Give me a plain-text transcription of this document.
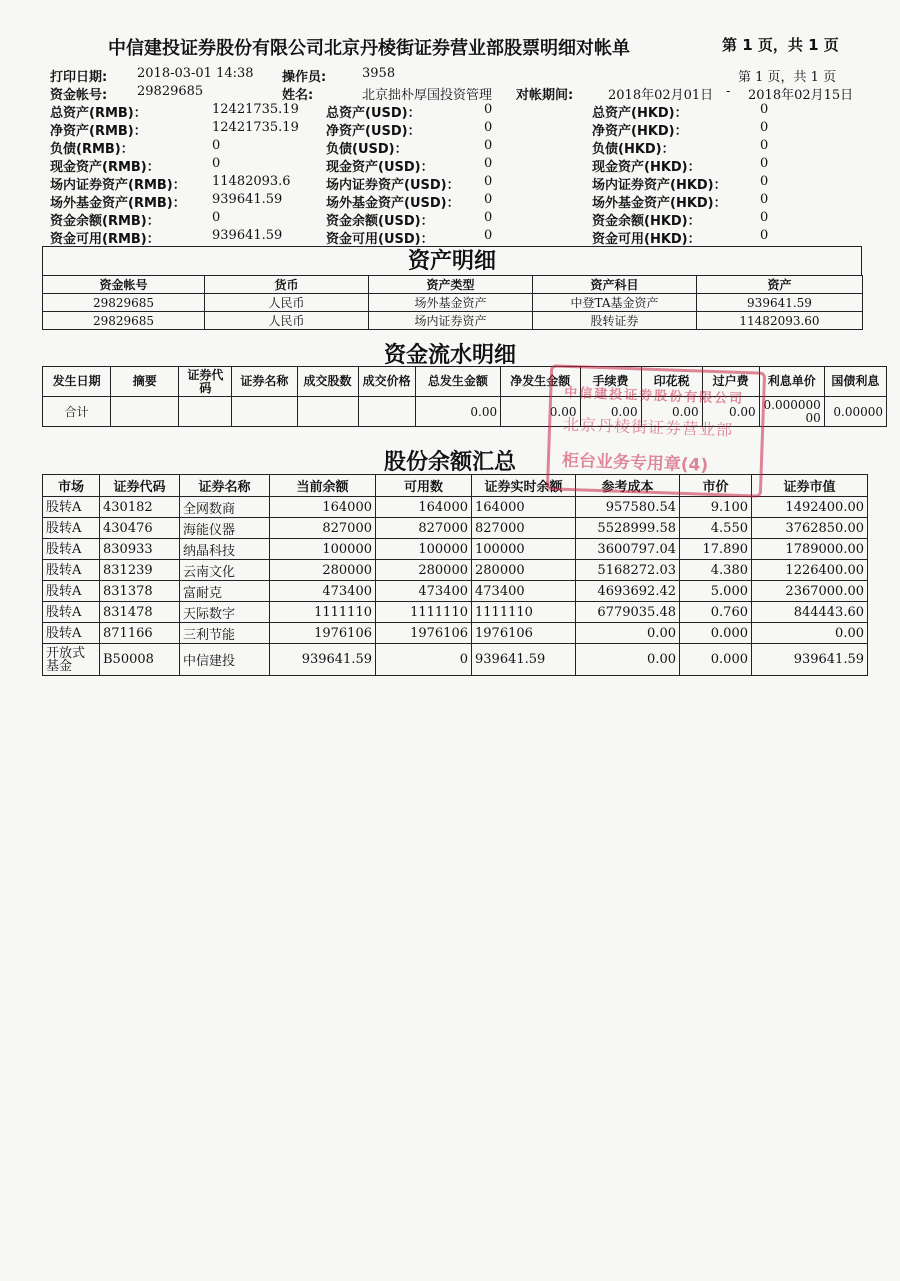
中信建投证券股份有限公司北京丹棱街证券营业部股票明细对帐单	第 1 页，共 1 页
打印日期: 2018-03-01 14:38 操作员:	3958	第 1 页，共 1 页
资金帐号: 29829685	姓名:	北京拙朴厚国投资管理 对帐期间:	2018年02月01日 - 2018年02月15日
总资产(RMB)：	12421735.19 总资产(USD)：	0	总资产(HKD)：	0
净资产(RMB)：	12421735.19 净资产(USD)：	0	净资产(HKD)：	0
负债(RMB)：	0	负债(USD)：	0	负债(HKD)：	0
现金资产(RMB)：	0	现金资产(USD)：	0	现金资产(HKD)：	0
场内证券资产(RMB)： 11482093.6	场内证券资产(USD)： 0	场内证券资产(HKD)：	0
场外基金资产(RMB)： 939641.59	场外基金资产(USD)： 0	场外基金资产(HKD)：	0
资金余额(RMB)：	0	资金余额(USD)：	0	资金余额(HKD)：	0
资金可用(RMB)：	939641.59	资金可用(USD)：	0	资金可用(HKD)：	0
资产明细
资金帐号	货币	资产类型	资产科目	资产
29829685	人民币	场外基金资产	中登TA基金资产	939641.59
29829685	人民币	场内证券资产	股转证券	11482093.60
资金流水明细
发生日期	摘要	证券代码	证券名称	成交股数	成交价格	总发生金额	净发生金额	手续费	印花税	过户费	利息单价	国债利息
合计						0.00	0.00	0.00	0.00	0.00	0.00000000	0.00000
股份余额汇总
市场	证券代码	证券名称	当前余额	可用数	证券实时余额	参考成本	市价	证券市值
股转A	430182	全网数商	164000	164000	164000	957580.54	9.100	1492400.00
股转A	430476	海能仪器	827000	827000	827000	5528999.58	4.550	3762850.00
股转A	830933	纳晶科技	100000	100000	100000	3600797.04	17.890	1789000.00
股转A	831239	云南文化	280000	280000	280000	5168272.03	4.380	1226400.00
股转A	831378	富耐克	473400	473400	473400	4693692.42	5.000	2367000.00
股转A	831478	天际数字	1111110	1111110	1111110	6779035.48	0.760	844443.60
股转A	871166	三利节能	1976106	1976106	1976106	0.00	0.000	0.00
开放式基金	B50008	中信建投	939641.59	0	939641.59	0.00	0.000	939641.59
中信建投证券股份有限公司
北京丹棱街证券营业部
柜台业务专用章(4)
